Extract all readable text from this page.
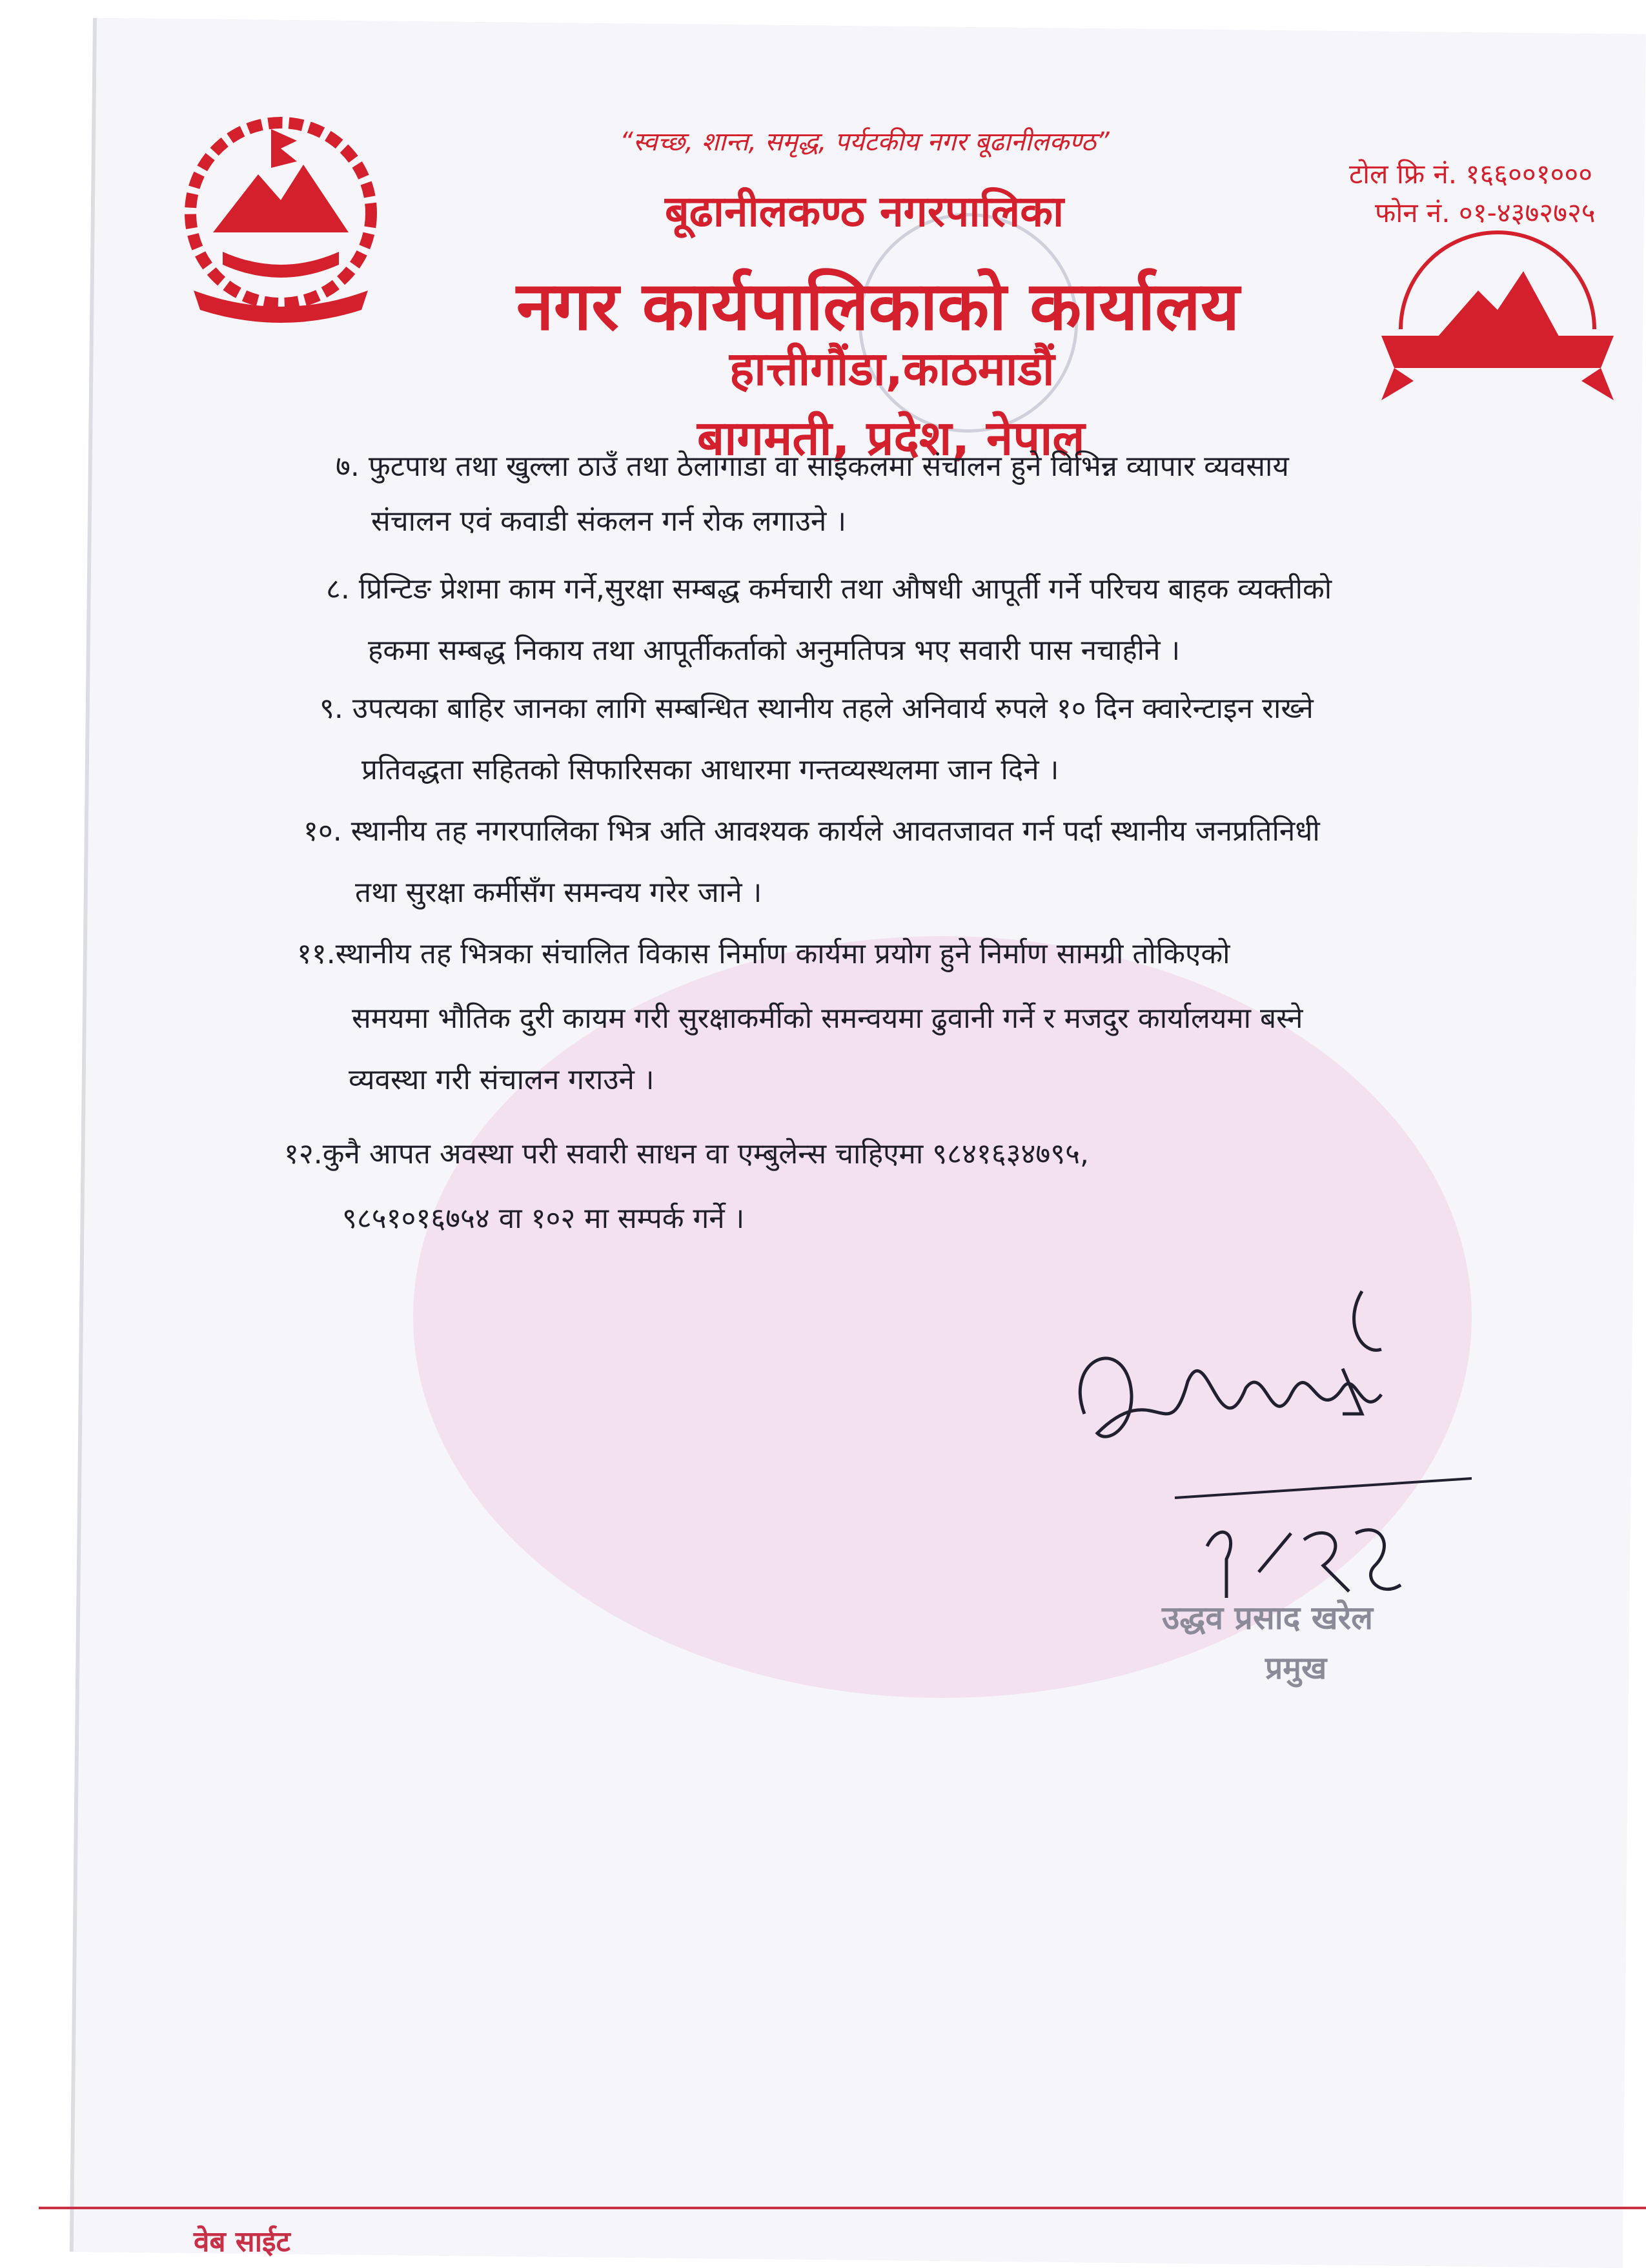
“स्वच्छ, शान्त, समृद्ध, पर्यटकीय नगर बूढानीलकण्ठ”
बूढानीलकण्ठ नगरपालिका
नगर कार्यपालिकाको कार्यालय
हात्तीगौंडा,काठमाडौं
बागमती, प्रदेश, नेपाल
टोल फ्रि नं. १६६००१०००
फोन नं. ०१-४३७२७२५
७. फुटपाथ तथा खुल्ला ठाउँ तथा ठेलागाडा वा साइकलमा संचालन हुने विभिन्न व्यापार व्यवसाय
संचालन एवं कवाडी संकलन गर्न रोक लगाउने ।
८. प्रिन्टिङ प्रेशमा काम गर्ने,सुरक्षा सम्बद्ध कर्मचारी तथा औषधी आपूर्ती गर्ने परिचय बाहक व्यक्तीको
हकमा सम्बद्ध निकाय तथा आपूर्तीकर्ताको अनुमतिपत्र भए सवारी पास नचाहीने ।
९. उपत्यका बाहिर जानका लागि सम्बन्धित स्थानीय तहले अनिवार्य रुपले १० दिन क्वारेन्टाइन राख्ने
प्रतिवद्धता सहितको सिफारिसका आधारमा गन्तव्यस्थलमा जान दिने ।
१०. स्थानीय तह नगरपालिका भित्र अति आवश्यक कार्यले आवतजावत गर्न पर्दा स्थानीय जनप्रतिनिधी
तथा सुरक्षा कर्मीसँग समन्वय गरेर जाने ।
११.स्थानीय तह भित्रका संचालित विकास निर्माण कार्यमा प्रयोग हुने निर्माण सामग्री तोकिएको
समयमा भौतिक दुरी कायम गरी सुरक्षाकर्मीको समन्वयमा ढुवानी गर्ने र मजदुर कार्यालयमा बस्ने
व्यवस्था गरी संचालन गराउने ।
१२.कुनै आपत अवस्था परी सवारी साधन वा एम्बुलेन्स चाहिएमा ९८४१६३४७९५,
९८५१०१६७५४ वा १०२ मा सम्पर्क गर्ने ।
उद्धव प्रसाद खरेल
प्रमुख
वेब साईट
